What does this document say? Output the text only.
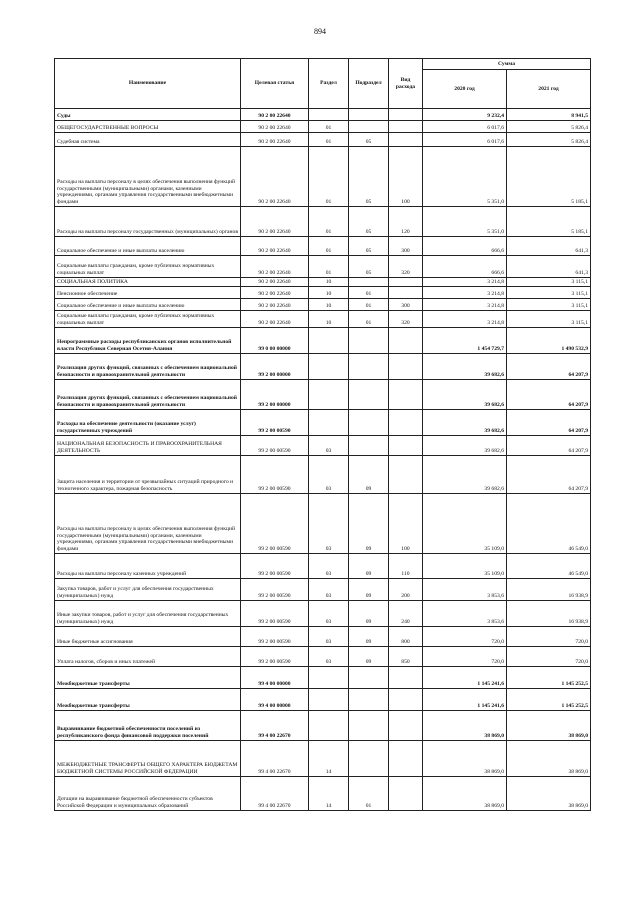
894
Наименование	Целевая статья	Раздел	Подраздел	Вид расхода	Сумма	
					2020 год	2021 год
Суды	90 2 00 22640				9 232,4	8 941,5
ОБЩЕГОСУДАРСТВЕННЫЕ ВОПРОСЫ	90 2 00 22640	01			6 017,6	5 826,4
Судебная система	90 2 00 22640	01	05		6 017,6	5 826,4
Расходы на выплаты персоналу в целях обеспечения выполнения функций государственными (муниципальными) органами, казенными учреждениями, органами управления государственными внебюджетными фондами	90 2 00 22640	01	05	100	5 351,0	5 185,1
Расходы на выплаты персоналу государственных (муниципальных) органов	90 2 00 22640	01	05	120	5 351,0	5 185,1
Социальное обеспечение и иные выплаты населению	90 2 00 22640	01	05	300	666,6	641,3
Социальные выплаты гражданам, кроме публичных нормативных социальных выплат	90 2 00 22640	01	05	320	666,6	641,3
СОЦИАЛЬНАЯ ПОЛИТИКА	90 2 00 22640	10			3 214,8	3 115,1
Пенсионное обеспечение	90 2 00 22640	10	01		3 214,8	3 115,1
Социальное обеспечение и иные выплаты населению	90 2 00 22640	10	01	300	3 214,8	3 115,1
Социальные выплаты гражданам, кроме публичных нормативных социальных выплат	90 2 00 22640	10	01	320	3 214,8	3 115,1
Непрограммные расходы республиканских органов исполнительной власти Республики Северная Осетия-Алания	99 0 00 00000				1 454 729,7	1 490 532,9
Реализация других функций, связанных с обеспечением национальной безопасности и правоохранительной деятельности	99 2 00 00000				39 682,6	64 207,9
Реализация других функций, связанных с обеспечением национальной безопасности и правоохранительной деятельности	99 2 00 00000				39 682,6	64 207,9
Расходы на обеспечение деятельности (оказание услуг) государственных учреждений	99 2 00 00590				39 682,6	64 207,9
НАЦИОНАЛЬНАЯ БЕЗОПАСНОСТЬ И ПРАВООХРАНИТЕЛЬНАЯ ДЕЯТЕЛЬНОСТЬ	99 2 00 00590	03			39 682,6	64 207,9
Защита населения и территории от чрезвычайных ситуаций природного и техногенного характера, пожарная безопасность	99 2 00 00590	03	09		39 682,6	64 207,9
Расходы на выплаты персоналу в целях обеспечения выполнения функций государственными (муниципальными) органами, казенными учреждениями, органами управления государственными внебюджетными фондами	99 2 00 00590	03	09	100	35 109,0	46 549,0
Расходы на выплаты персоналу казенных учреждений	99 2 00 00590	03	09	110	35 109,0	46 549,0
Закупка товаров, работ и услуг для обеспечения государственных (муниципальных) нужд	99 2 00 00590	03	09	200	3 853,6	16 938,9
Иные закупки товаров, работ и услуг для обеспечения государственных (муниципальных) нужд	99 2 00 00590	03	09	240	3 853,6	16 938,9
Иные бюджетные ассигнования	99 2 00 00590	03	09	800	720,0	720,0
Уплата налогов, сборов и иных платежей	99 2 00 00590	03	09	850	720,0	720,0
Межбюджетные трансферты	99 4 00 00000				1 145 241,6	1 145 252,5
Межбюджетные трансферты	99 4 00 00000				1 145 241,6	1 145 252,5
Выравнивание бюджетной обеспеченности поселений из республиканского фонда финансовой поддержки поселений	99 4 00 22670				38 869,0	38 869,0
МЕЖБЮДЖЕТНЫЕ ТРАНСФЕРТЫ ОБЩЕГО ХАРАКТЕРА БЮДЖЕТАМ БЮДЖЕТНОЙ СИСТЕМЫ РОССИЙСКОЙ ФЕДЕРАЦИИ	99 4 00 22670	14			38 869,0	38 869,0
Дотации на выравнивание бюджетной обеспеченности субъектов Российской Федерации и муниципальных образований	99 4 00 22670	14	01		38 869,0	38 869,0
